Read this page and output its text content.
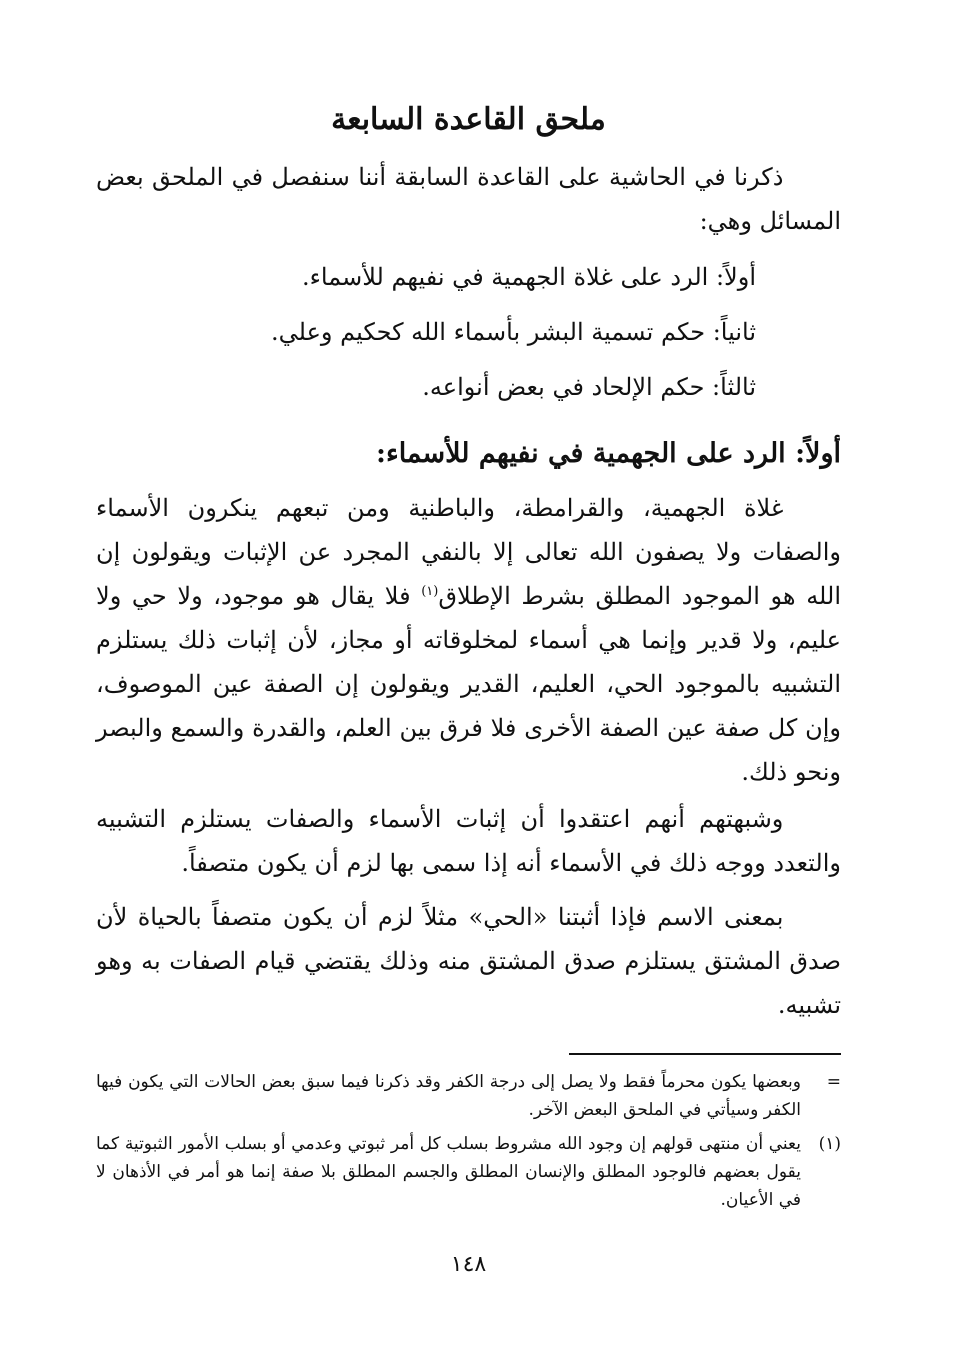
ملحق القاعدة السابعة

ذكرنا في الحاشية على القاعدة السابقة أننا سنفصل في الملحق بعض المسائل وهي:

أولاً: الرد على غلاة الجهمية في نفيهم للأسماء.
ثانياً: حكم تسمية البشر بأسماء الله كحكيم وعلي.
ثالثاً: حكم الإلحاد في بعض أنواعه.
أولاً: الرد على الجهمية في نفيهم للأسماء:

غلاة الجهمية، والقرامطة، والباطنية ومن تبعهم ينكرون الأسماء والصفات ولا يصفون الله تعالى إلا بالنفي المجرد عن الإثبات ويقولون إن الله هو الموجود المطلق بشرط الإطلاق$^{(١)}$ فلا يقال هو موجود، ولا حي ولا عليم، ولا قدير وإنما هي أسماء لمخلوقاته أو مجاز، لأن إثبات ذلك يستلزم التشبيه بالموجود الحي، العليم، القدير ويقولون إن الصفة عين الموصوف، وإن كل صفة عين الصفة الأخرى فلا فرق بين العلم، والقدرة والسمع والبصر ونحو ذلك.

وشبهتهم أنهم اعتقدوا أن إثبات الأسماء والصفات يستلزم التشبيه والتعدد ووجه ذلك في الأسماء أنه إذا سمى بها لزم أن يكون متصفاً.

بمعنى الاسم فإذا أثبتنا «الحي» مثلاً لزم أن يكون متصفاً بالحياة لأن صدق المشتق يستلزم صدق المشتق منه وذلك يقتضي قيام الصفات به وهو تشبيه.

=
وبعضها يكون محرماً فقط ولا يصل إلى درجة الكفر وقد ذكرنا فيما سبق بعض الحالات التي يكون فيها الكفر وسيأتي في الملحق البعض الآخر.
(١)
يعني أن منتهى قولهم إن وجود الله مشروط بسلب كل أمر ثبوتي وعدمي أو بسلب الأمور الثبوتية كما يقول بعضهم فالوجود المطلق والإنسان المطلق والجسم المطلق بلا صفة إنما هو أمر في الأذهان لا في الأعيان.
١٤٨
